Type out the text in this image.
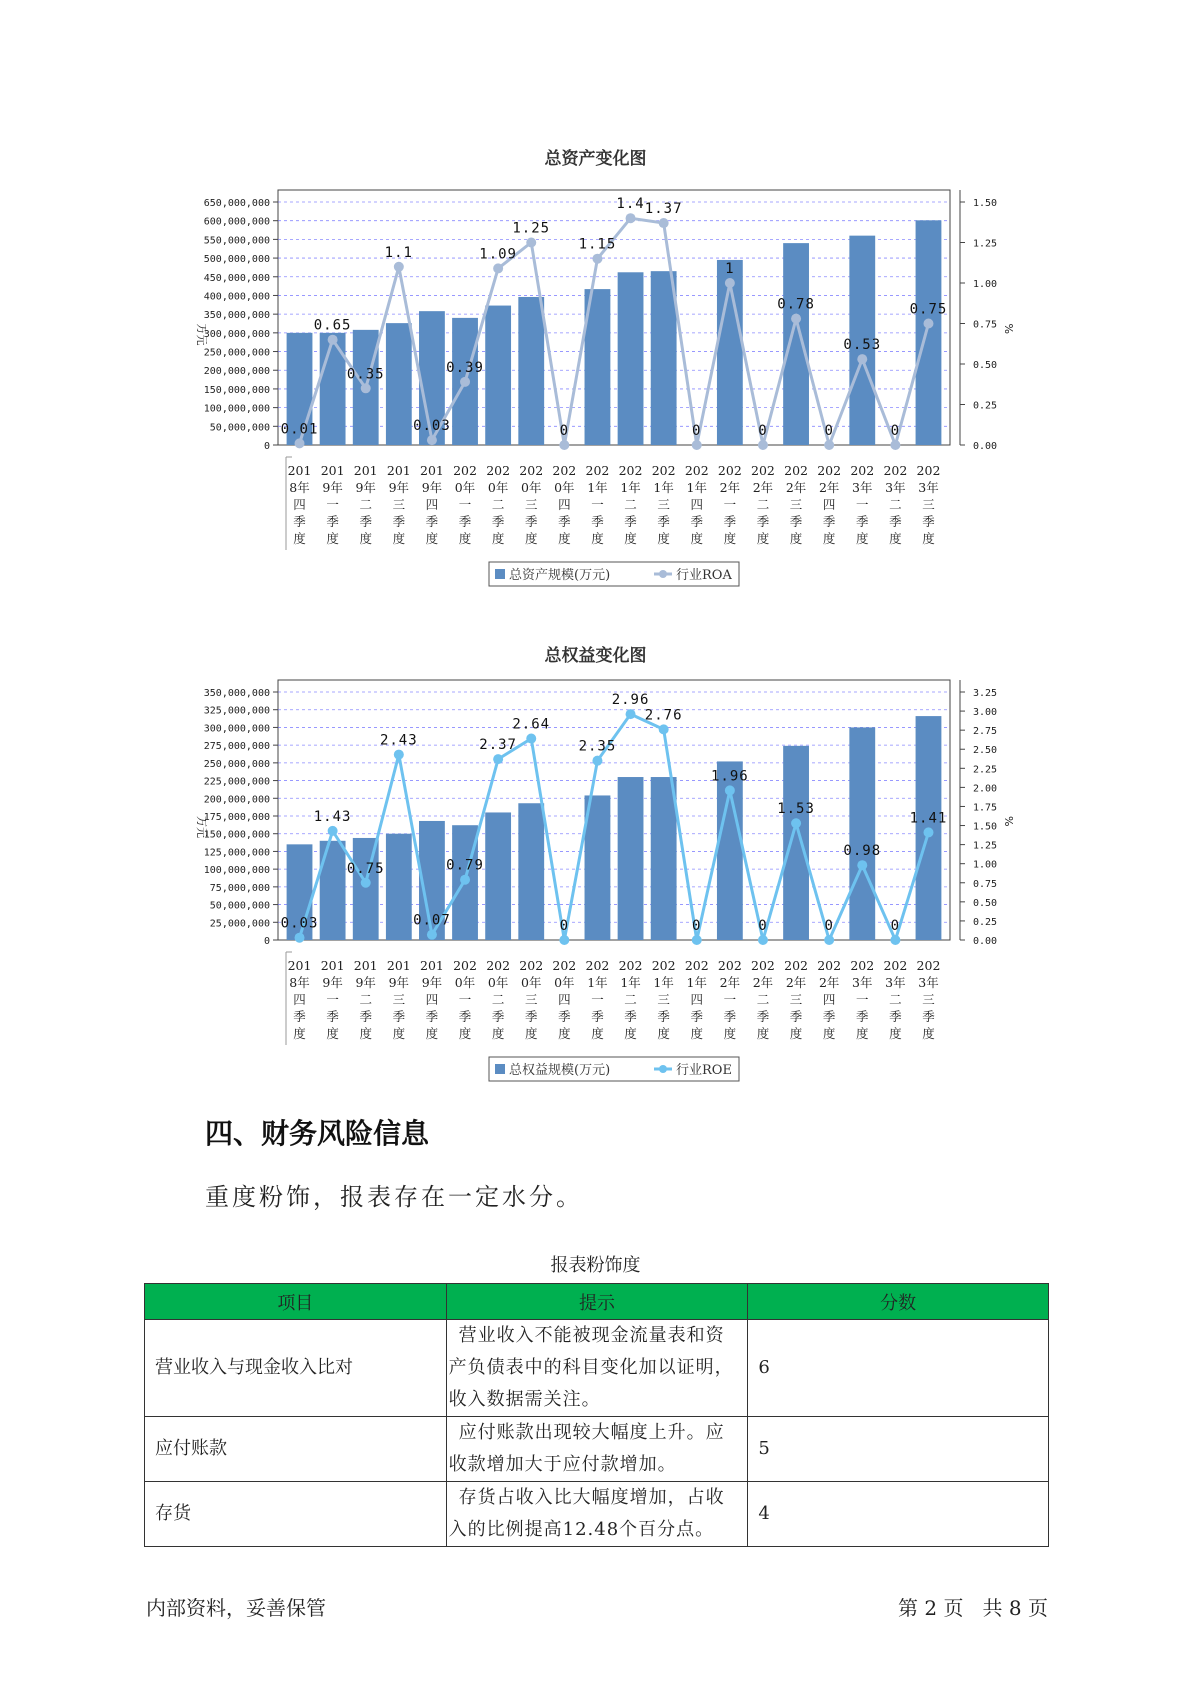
总资产变化图
650,000,000
600,000,000
550,000,000
500,000,000
450,000,000
400,000,000
350,000,000
300,000,000
250,000,000
200,000,000
150,000,000
100,000,000
50,000,000
0
1.50
1.25
1.00
0.75
0.50
0.25
0.00
万元	%
201
8年
四
季
度
201
9年
一
季
度
201
9年
二
季
度
201
9年
三
季
度
201
9年
四
季
度
202
0年
一
季
度
202
0年
二
季
度
202
0年
三
季
度
202
0年
四
季
度
202
1年
一
季
度
202
1年
二
季
度
202
1年
三
季
度
202
1年
四
季
度
202
2年
一
季
度
202
2年
二
季
度
202
2年
三
季
度
202
2年
四
季
度
202
3年
一
季
度
202
3年
二
季
度
202
3年
三
季
度
0.01
0.65
0.35
1.1
0.03
0.39
1.09
1.25
0
1.15
1.4 1.37
0
1
0
0.78
0
0.53
0
0.75
总资产规模(万元)	行业ROA
总权益变化图
350,000,000
325,000,000
300,000,000
275,000,000
250,000,000
225,000,000
200,000,000
175,000,000
150,000,000
125,000,000
100,000,000
75,000,000
50,000,000
25,000,000
0
3.25
3.00
2.75
2.50
2.25
2.00
1.75
1.50
1.25
1.00
0.75
0.50
0.25
0.00
万元	%
201
8年
四
季
度
201
9年
一
季
度
201
9年
二
季
度
201
9年
三
季
度
201
9年
四
季
度
202
0年
一
季
度
202
0年
二
季
度
202
0年
三
季
度
202
0年
四
季
度
202
1年
一
季
度
202
1年
二
季
度
202
1年
三
季
度
202
1年
四
季
度
202
2年
一
季
度
202
2年
二
季
度
202
2年
三
季
度
202
2年
四
季
度
202
3年
一
季
度
202
3年
二
季
度
202
3年
三
季
度
0.03
1.43
0.75
2.43
0.07
0.79
2.37
2.64
0
2.35
2.96
2.76
0
1.96
0
1.53
0
0.98
0
1.41
总权益规模(万元)	行业ROE
四、财务风险信息
重度粉饰，报表存在一定水分。
报表粉饰度
项目	提示	分数
营业收入与现金收入比对	营业收入不能被现金流量表和资产负债表中的科目变化加以证明，收入数据需关注。	6
应付账款	应付账款出现较大幅度上升。应收款增加大于应付款增加。	5
存货	存货占收入比大幅度增加，占收入的比例提高12.48个百分点。	4
内部资料，妥善保管	第 2 页   共 8 页
